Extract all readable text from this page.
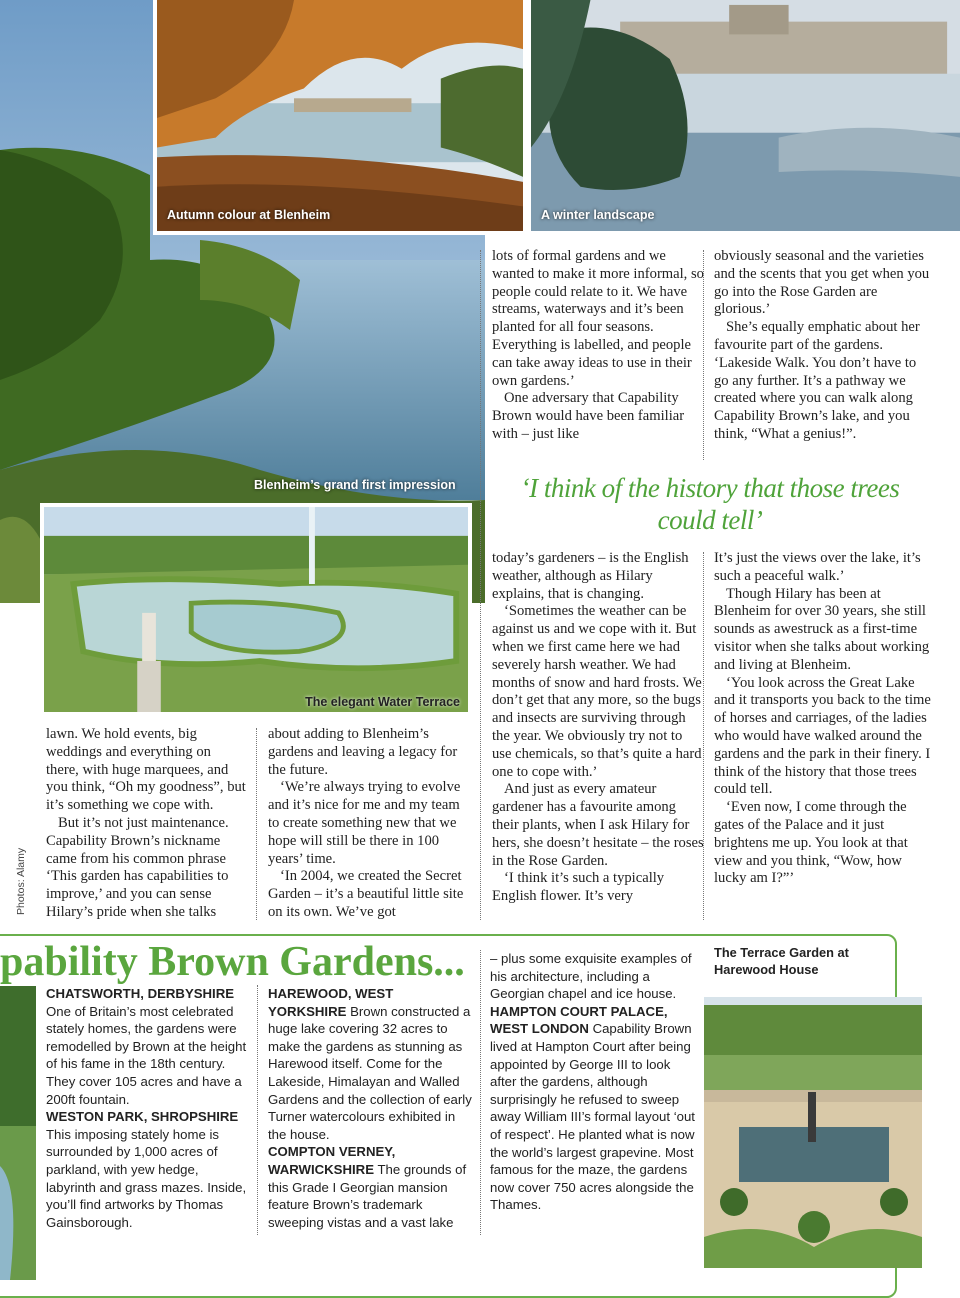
Autumn colour at Blenheim	A winter landscape
Blenheim’s grand first impression
The elegant Water Terrace

lots of formal gardens and we wanted to make it more informal, so people could relate to it. We have streams, waterways and it’s been planted for all four seasons. Everything is labelled, and people can take away ideas to use in their own gardens.’

One adversary that Capability Brown would have been familiar with – just like

obviously seasonal and the varieties and the scents that you get when you go into the Rose Garden are glorious.’

She’s equally emphatic about her favourite part of the gardens. ‘Lakeside Walk. You don’t have to go any further. It’s a pathway we created where you can walk along Capability Brown’s lake, and you think, “What a genius!”.

‘I think of the history that those trees could tell’

today’s gardeners – is the English weather, although as Hilary explains, that is changing.

‘Sometimes the weather can be against us and we cope with it. But when we first came here we had severely harsh weather. We had months of snow and hard frosts. We don’t get that any more, so the bugs and insects are surviving through the year. We obviously try not to use chemicals, so that’s quite a hard one to cope with.’

And just as every amateur gardener has a favourite among their plants, when I ask Hilary for hers, she doesn’t hesitate – the roses in the Rose Garden.

‘I think it’s such a typically English flower. It’s very

It’s just the views over the lake, it’s such a peaceful walk.’

Though Hilary has been at Blenheim for over 30 years, she still sounds as awestruck as a first-time visitor when she talks about working and living at Blenheim.

‘You look across the Great Lake and it transports you back to the time of horses and carriages, of the ladies who would have walked around the gardens and the park in their finery. I think of the history that those trees could tell.

‘Even now, I come through the gates of the Palace and it just brightens me up. You look at that view and you think, “Wow, how lucky am I?”’

lawn. We hold events, big weddings and everything on there, with huge marquees, and you think, “Oh my goodness”, but it’s something we cope with.

But it’s not just maintenance. Capability Brown’s nickname came from his common phrase ‘This garden has capabilities to improve,’ and you can sense Hilary’s pride when she talks

about adding to Blenheim’s gardens and leaving a legacy for the future.

‘We’re always trying to evolve and it’s nice for me and my team to create something new that we hope will still be there in 100 years’ time.

‘In 2004, we created the Secret Garden – it’s a beautiful little site on its own. We’ve got

Photos: Alamy
pability Brown Gardens...
CHATSWORTH, DERBYSHIRE
One of Britain’s most celebrated stately homes, the gardens were remodelled by Brown at the height of his fame in the 18th century. They cover 105 acres and have a 200ft fountain.
WESTON PARK, SHROPSHIRE
This imposing stately home is surrounded by 1,000 acres of parkland, with yew hedge, labyrinth and grass mazes. Inside, you’ll find artworks by Thomas Gainsborough.
HAREWOOD, WEST YORKSHIRE Brown constructed a huge lake covering 32 acres to make the gardens as stunning as Harewood itself. Come for the Lakeside, Himalayan and Walled Gardens and the collection of early Turner watercolours exhibited in the house.
COMPTON VERNEY, WARWICKSHIRE The grounds of this Grade I Georgian mansion feature Brown’s trademark sweeping vistas and a vast lake
– plus some exquisite examples of his architecture, including a Georgian chapel and ice house.
HAMPTON COURT PALACE, WEST LONDON Capability Brown lived at Hampton Court after being appointed by George III to look after the gardens, although surprisingly he refused to sweep away William III’s formal layout ‘out of respect’. He planted what is now the world’s largest grapevine. Most famous for the maze, the gardens now cover 750 acres alongside the Thames.
The Terrace Garden at Harewood House
